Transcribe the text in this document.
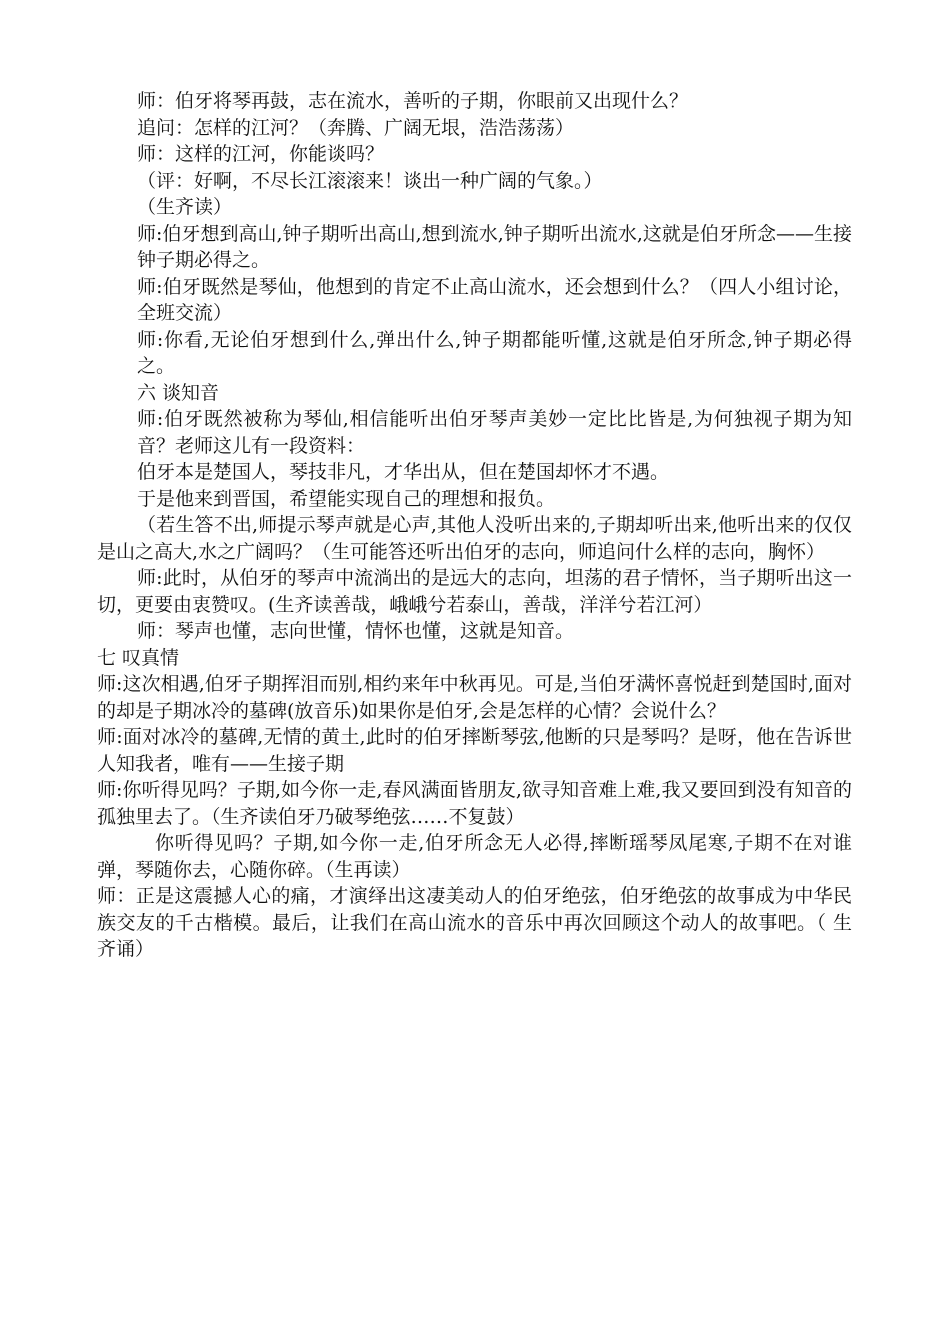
师：伯牙将琴再鼓，志在流水，善听的子期，你眼前又出现什么？

追问：怎样的江河？（奔腾、广阔无垠，浩浩荡荡）

师：这样的江河，你能谈吗？

（评：好啊，不尽长江滚滚来！谈出一种广阔的气象。）

（生齐读）

师:伯牙想到高山,钟子期听出高山,想到流水,钟子期听出流水,这就是伯牙所念——生接钟子期必得之。

师:伯牙既然是琴仙，他想到的肯定不止高山流水，还会想到什么？（四人小组讨论，全班交流）

师:你看,无论伯牙想到什么,弹出什么,钟子期都能听懂,这就是伯牙所念,钟子期必得之。

六 谈知音

师:伯牙既然被称为琴仙,相信能听出伯牙琴声美妙一定比比皆是,为何独视子期为知音？老师这儿有一段资料：

伯牙本是楚国人，琴技非凡，才华出从，但在楚国却怀才不遇。

于是他来到晋国，希望能实现自己的理想和报负。

（若生答不出,师提示琴声就是心声,其他人没听出来的,子期却听出来,他听出来的仅仅是山之高大,水之广阔吗？（生可能答还听出伯牙的志向，师追问什么样的志向，胸怀）

师:此时，从伯牙的琴声中流淌出的是远大的志向，坦荡的君子情怀，当子期听出这一切，更要由衷赞叹。(生齐读善哉，峨峨兮若泰山，善哉，洋洋兮若江河）

师：琴声也懂，志向世懂，情怀也懂，这就是知音。

七 叹真情

师:这次相遇,伯牙子期挥泪而别,相约来年中秋再见。可是,当伯牙满怀喜悦赶到楚国时,面对的却是子期冰冷的墓碑(放音乐)如果你是伯牙,会是怎样的心情？会说什么？

师:面对冰冷的墓碑,无情的黄土,此时的伯牙摔断琴弦,他断的只是琴吗？是呀，他在告诉世人知我者，唯有——生接子期

师:你听得见吗？子期,如今你一走,春风满面皆朋友,欲寻知音难上难,我又要回到没有知音的孤独里去了。（生齐读伯牙乃破琴绝弦……不复鼓）

你听得见吗？子期,如今你一走,伯牙所念无人必得,摔断瑶琴凤尾寒,子期不在对谁弹，琴随你去，心随你碎。（生再读）

师：正是这震撼人心的痛，才演绎出这凄美动人的伯牙绝弦，伯牙绝弦的故事成为中华民族交友的千古楷模。最后，让我们在高山流水的音乐中再次回顾这个动人的故事吧。（ 生齐诵）
